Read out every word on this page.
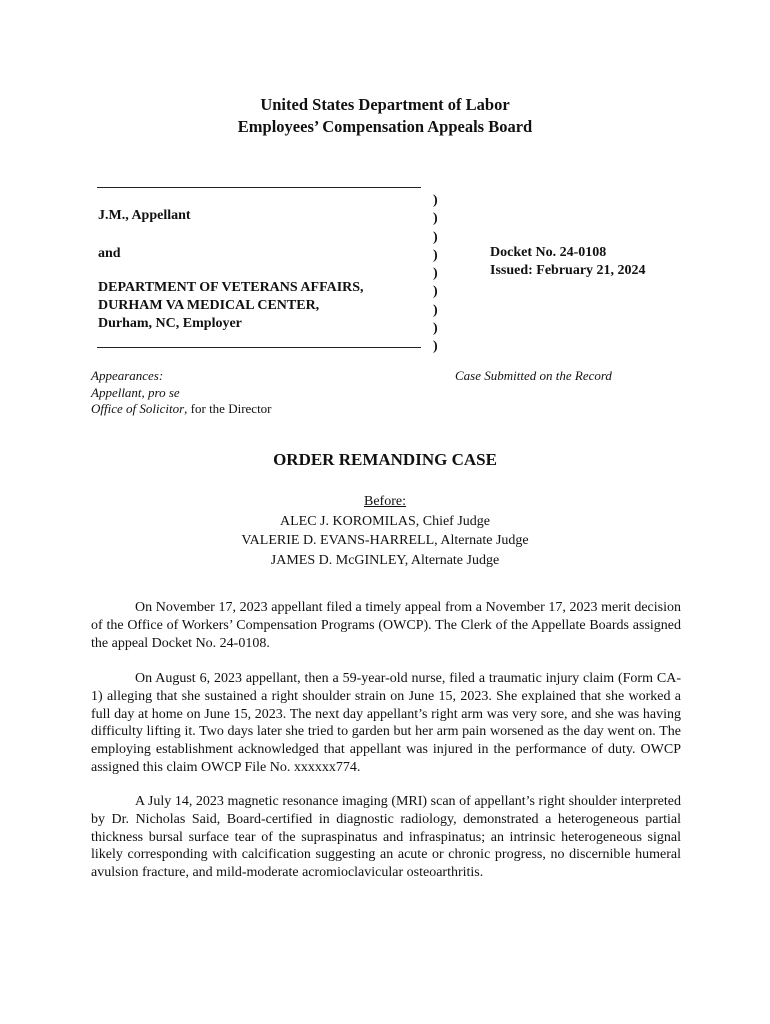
United States Department of Labor
Employees’ Compensation Appeals Board
J.M., Appellant
and
DEPARTMENT OF VETERANS AFFAIRS,
DURHAM VA MEDICAL CENTER,
Durham, NC, Employer
)
)
)
)
)
)
)
)
)
Docket No. 24-0108
Issued: February 21, 2024
Appearances:
Appellant, pro se
Office of Solicitor, for the Director
Case Submitted on the Record
ORDER REMANDING CASE
Before:
ALEC J. KOROMILAS, Chief Judge
VALERIE D. EVANS-HARRELL, Alternate Judge
JAMES D. McGINLEY, Alternate Judge

On November 17, 2023 appellant filed a timely appeal from a November 17, 2023 merit decision of the Office of Workers’ Compensation Programs (OWCP). The Clerk of the Appellate Boards assigned the appeal Docket No. 24-0108.

On August 6, 2023 appellant, then a 59-year-old nurse, filed a traumatic injury claim (Form CA-1) alleging that she sustained a right shoulder strain on June 15, 2023. She explained that she worked a full day at home on June 15, 2023. The next day appellant’s right arm was very sore, and she was having difficulty lifting it. Two days later she tried to garden but her arm pain worsened as the day went on. The employing establishment acknowledged that appellant was injured in the performance of duty. OWCP assigned this claim OWCP File No. xxxxxx774.

A July 14, 2023 magnetic resonance imaging (MRI) scan of appellant’s right shoulder interpreted by Dr. Nicholas Said, Board-certified in diagnostic radiology, demonstrated a heterogeneous partial thickness bursal surface tear of the supraspinatus and infraspinatus; an intrinsic heterogeneous signal likely corresponding with calcification suggesting an acute or chronic progress, no discernible humeral avulsion fracture, and mild-moderate acromioclavicular osteoarthritis.
